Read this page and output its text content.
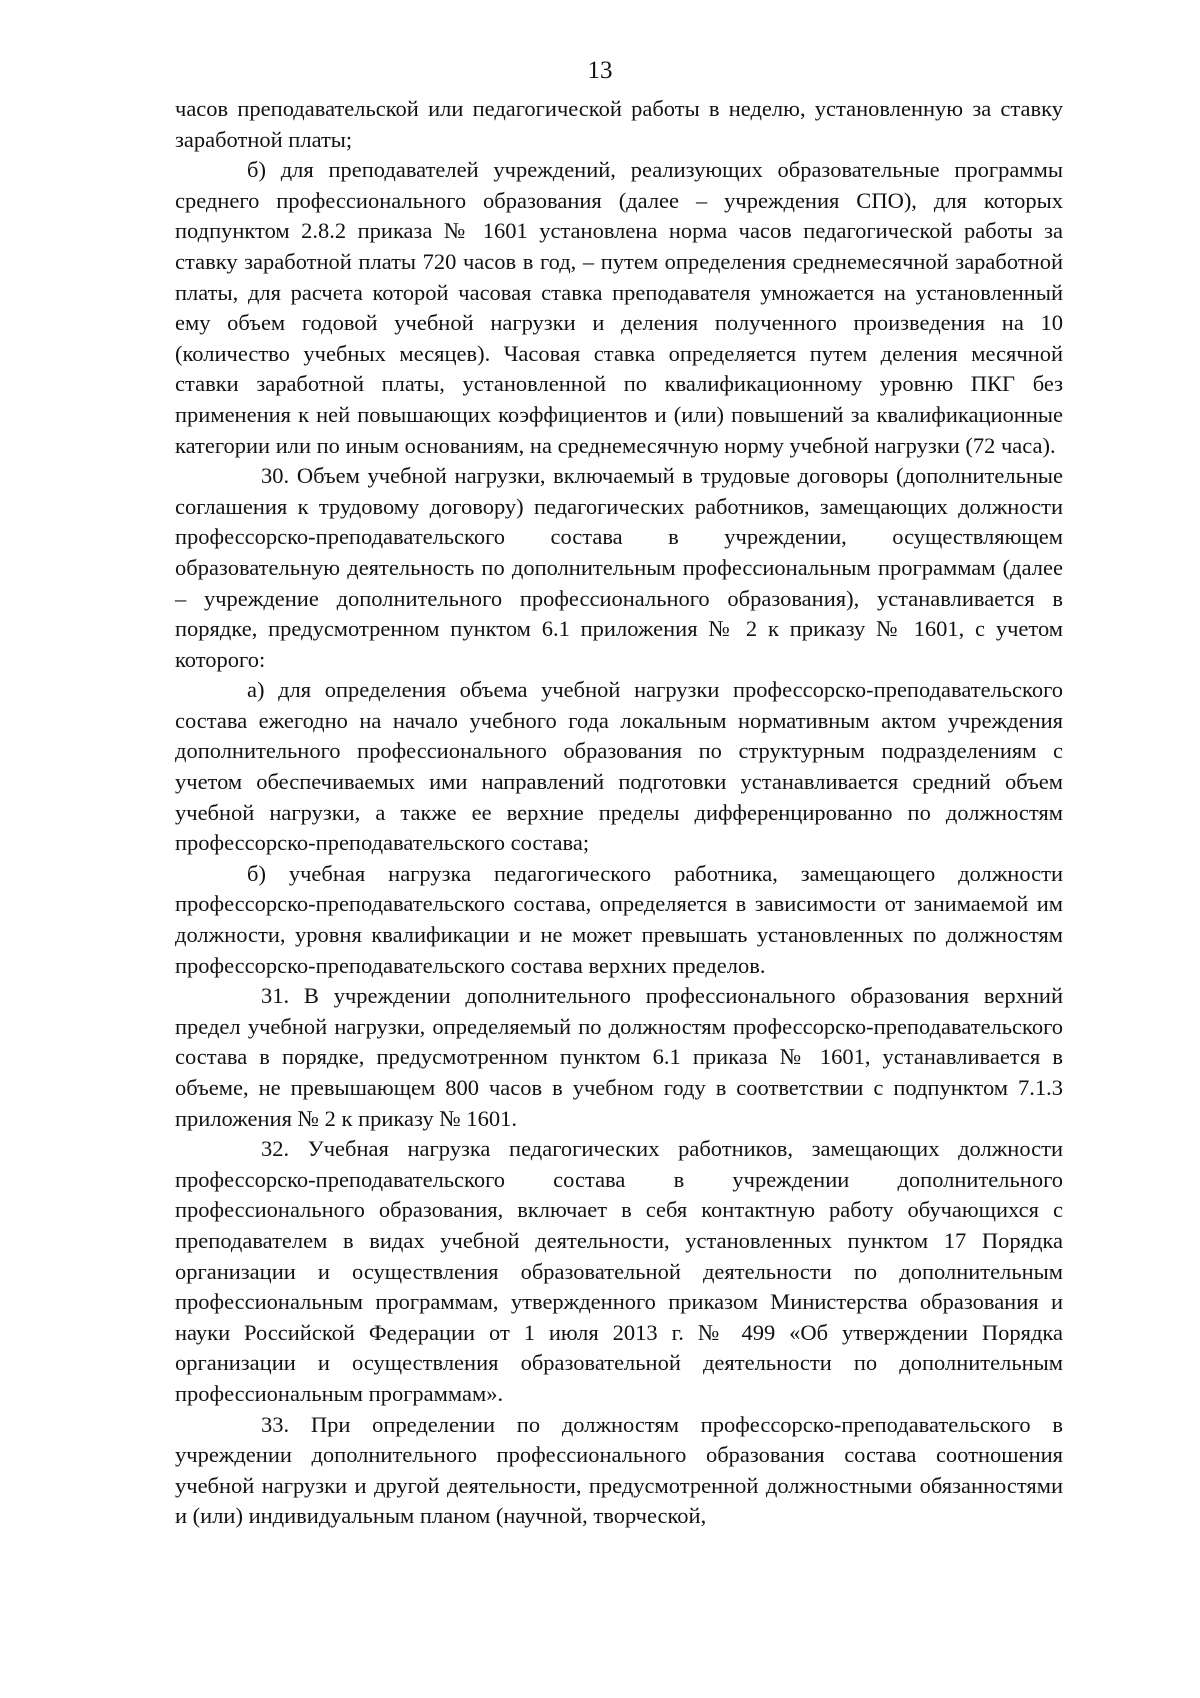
13

часов преподавательской или педагогической работы в неделю, установленную за ставку заработной платы;

б) для преподавателей учреждений, реализующих образовательные программы среднего профессионального образования (далее – учреждения СПО), для которых подпунктом 2.8.2 приказа № 1601 установлена норма часов педагогической работы за ставку заработной платы 720 часов в год, – путем определения среднемесячной заработной платы, для расчета которой часовая ставка преподавателя умножается на установленный ему объем годовой учебной нагрузки и деления полученного произведения на 10 (количество учебных месяцев). Часовая ставка определяется путем деления месячной ставки заработной платы, установленной по квалификационному уровню ПКГ без применения к ней повышающих коэффициентов и (или) повышений за квалификационные категории или по иным основаниям, на среднемесячную норму учебной нагрузки (72 часа).

30. Объем учебной нагрузки, включаемый в трудовые договоры (дополнительные соглашения к трудовому договору) педагогических работников, замещающих должности профессорско-преподавательского состава в учреждении, осуществляющем образовательную деятельность по дополнительным профессиональным программам (далее – учреждение дополнительного профессионального образования), устанавливается в порядке, предусмотренном пунктом 6.1 приложения № 2 к приказу № 1601, с учетом которого:

а) для определения объема учебной нагрузки профессорско-преподавательского состава ежегодно на начало учебного года локальным нормативным актом учреждения дополнительного профессионального образования по структурным подразделениям с учетом обеспечиваемых ими направлений подготовки устанавливается средний объем учебной нагрузки, а также ее верхние пределы дифференцированно по должностям профессорско-преподавательского состава;

б) учебная нагрузка педагогического работника, замещающего должности профессорско-преподавательского состава, определяется в зависимости от занимаемой им должности, уровня квалификации и не может превышать установленных по должностям профессорско-преподавательского состава верхних пределов.

31. В учреждении дополнительного профессионального образования верхний предел учебной нагрузки, определяемый по должностям профессорско-преподавательского состава в порядке, предусмотренном пунктом 6.1 приказа № 1601, устанавливается в объеме, не превышающем 800 часов в учебном году в соответствии с подпунктом 7.1.3 приложения № 2 к приказу № 1601.

32. Учебная нагрузка педагогических работников, замещающих должности профессорско-преподавательского состава в учреждении дополнительного профессионального образования, включает в себя контактную работу обучающихся с преподавателем в видах учебной деятельности, установленных пунктом 17 Порядка организации и осуществления образовательной деятельности по дополнительным профессиональным программам, утвержденного приказом Министерства образования и науки Российской Федерации от 1 июля 2013 г. № 499 «Об утверждении Порядка организации и осуществления образовательной деятельности по дополнительным профессиональным программам».

33. При определении по должностям профессорско-преподавательского в учреждении дополнительного профессионального образования состава соотношения учебной нагрузки и другой деятельности, предусмотренной должностными обязанностями и (или) индивидуальным планом (научной, творческой,
